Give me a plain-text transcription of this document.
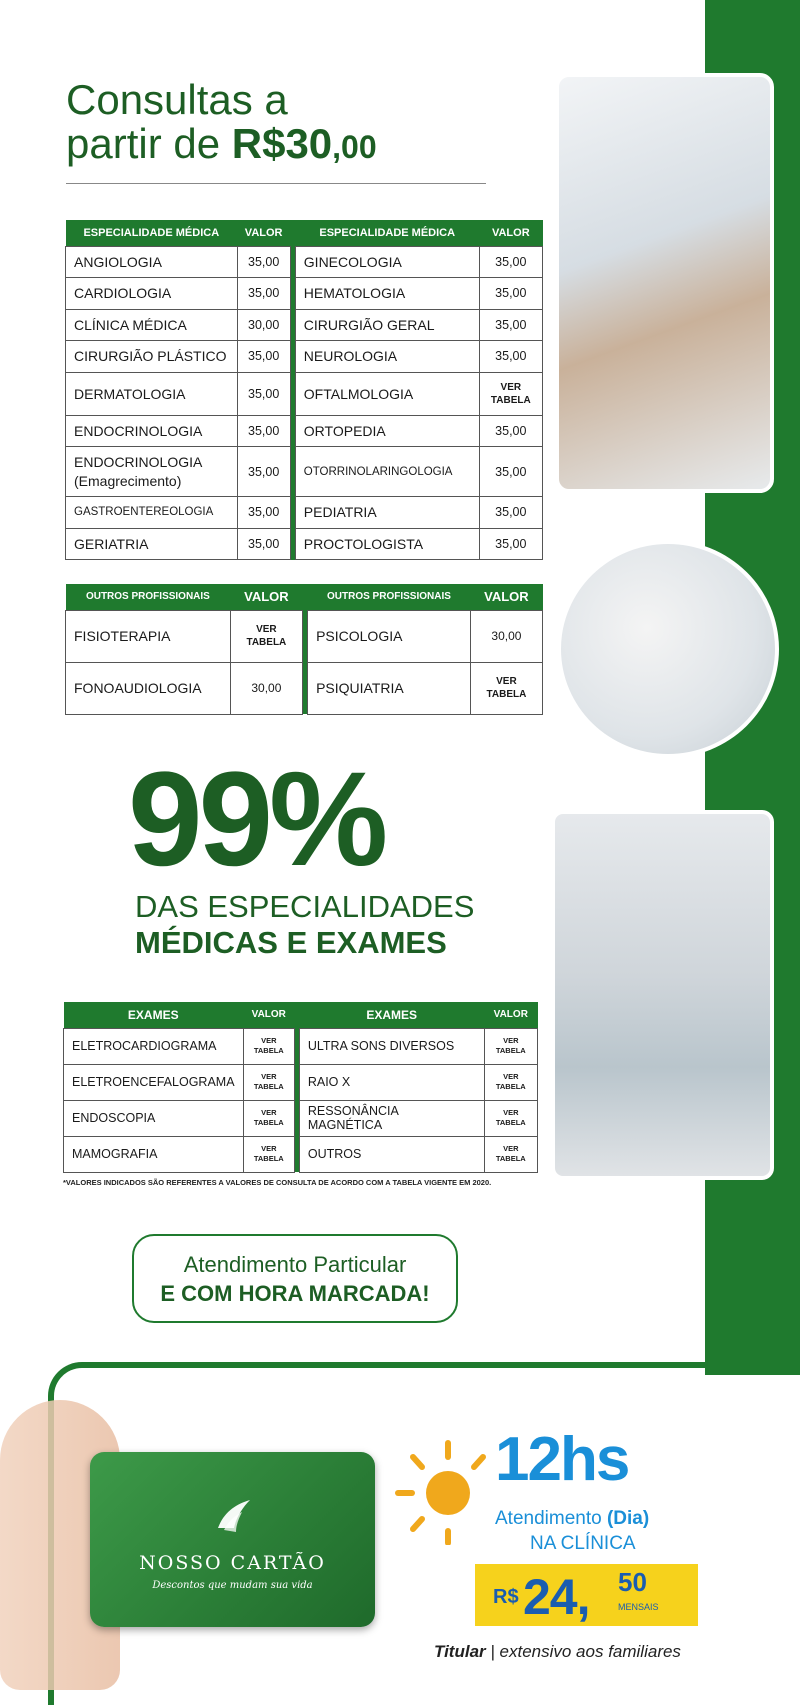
Consultas a
partir de R$30,00
ESPECIALIDADE MÉDICA	VALOR		ESPECIALIDADE MÉDICA	VALOR
ANGIOLOGIA	35,00		GINECOLOGIA	35,00
CARDIOLOGIA	35,00		HEMATOLOGIA	35,00
CLÍNICA MÉDICA	30,00		CIRURGIÃO GERAL	35,00
CIRURGIÃO PLÁSTICO	35,00		NEUROLOGIA	35,00
DERMATOLOGIA	35,00		OFTALMOLOGIA	VER TABELA

ENDOCRINOLOGIA	35,00		ORTOPEDIA	35,00
ENDOCRINOLOGIA
(Emagrecimento)	35,00		OTORRINOLARINGOLOGIA	35,00
GASTROENTEREOLOGIA	35,00		PEDIATRIA	35,00
GERIATRIA	35,00		PROCTOLOGISTA	35,00
OUTROS PROFISSIONAIS	VALOR		OUTROS PROFISSIONAIS	VALOR
FISIOTERAPIA	VER TABELA		PSICOLOGIA	30,00
FONOAUDIOLOGIA	30,00		PSIQUIATRIA	VER TABELA
99%
DAS ESPECIALIDADES
MÉDICAS E EXAMES
EXAMES	VALOR		EXAMES	VALOR
ELETROCARDIOGRAMA	VER TABELA		ULTRA SONS DIVERSOS	VER TABELA

ELETROENCEFALOGRAMA	VER TABELA		RAIO X	VER TABELA

ENDOSCOPIA	VER TABELA		RESSONÂNCIA MAGNÉTICA	VER TABELA

MAMOGRAFIA	VER TABELA		OUTROS	VER TABELA
*VALORES INDICADOS SÃO REFERENTES A VALORES DE CONSULTA DE ACORDO COM A TABELA VIGENTE EM 2020.
Atendimento Particular
E COM HORA MARCADA!
NOSSO CARTÃO
Descontos que mudam sua vida
12hs
Atendimento (Dia)
NA CLÍNICA
R$ 24, 50
MENSAIS
Titular | extensivo aos familiares
